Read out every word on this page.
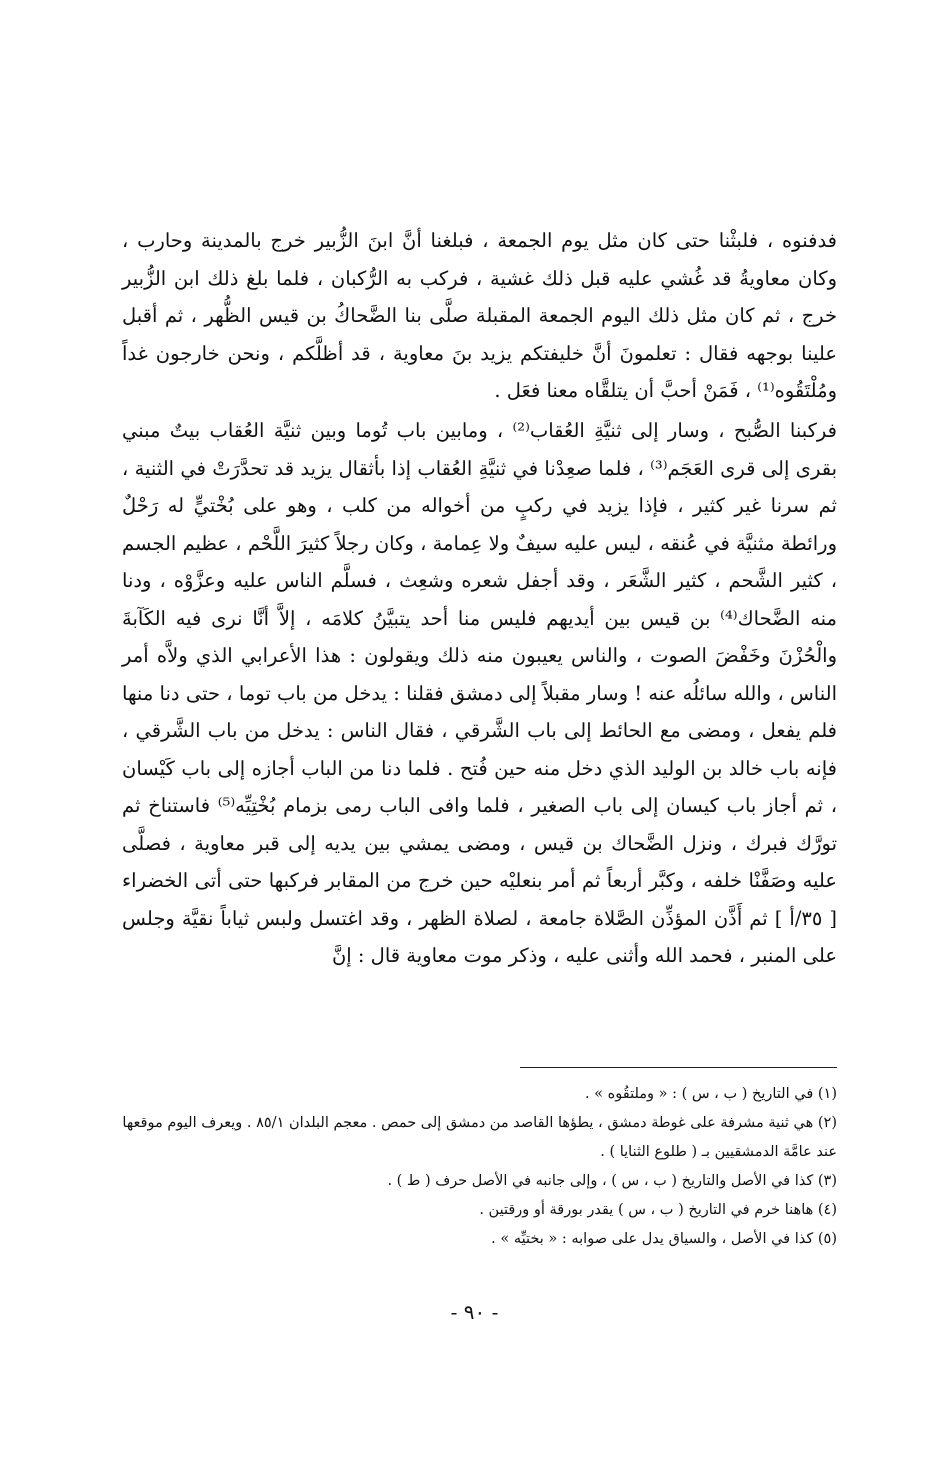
فدفنوه ، فلبثْنا حتى كان مثل يوم الجمعة ، فبلغنا أنَّ ابنَ الزُّبير خرج بالمدينة وحارب ، وكان معاويةُ قد غُشي عليه قبل ذلك غشية ، فركب به الرُّكبان ، فلما بلغ ذلك ابن الزُّبير خرج ، ثم كان مثل ذلك اليوم الجمعة المقبلة صلَّى بنا الضَّحاكُ بن قيس الظُّهر ، ثم أقبل علينا بوجهه فقال : تعلمونَ أنَّ خليفتكم يزيد بنَ معاوية ، قد أظلَّكم ، ونحن خارجون غداً ومُلْتَقُوه⁽¹⁾ ، فَمَنْ أحبَّ أن يتلقَّاه معنا فعَل .

فركبنا الصُّبح ، وسار إلى ثنيَّةِ العُقاب⁽²⁾ ، ومابين باب تُوما وبين ثنيَّة العُقاب بيتٌ مبني بقرى إلى قرى العَجَم⁽³⁾ ، فلما صعِدْنا في ثنيَّةِ العُقاب إذا بأثقال يزيد قد تحدَّرَتْ في الثنية ، ثم سرنا غير كثير ، فإذا يزيد في ركبٍ من أخواله من كلب ، وهو على بُخْتيٍّ له رَحْلٌ ورائطة مثنيَّة في عُنقه ، ليس عليه سيفٌ ولا عِمامة ، وكان رجلاً كثيرَ اللَّحْم ، عظيم الجسم ، كثير الشَّحم ، كثير الشَّعَر ، وقد أجفل شعره وشعِث ، فسلَّم الناس عليه وعزَّوْه ، ودنا منه الضَّحاك⁽⁴⁾ بن قيس بين أيديهم فليس منا أحد يتبيَّنُ كلامَه ، إلاَّ أنَّا نرى فيه الكَآبةَ والْحُزْنَ وخَفْضَ الصوت ، والناس يعيبون منه ذلك ويقولون : هذا الأعرابي الذي ولاَّه أمر الناس ، والله سائلُه عنه ! وسار مقبلاً إلى دمشق فقلنا : يدخل من باب توما ، حتى دنا منها فلم يفعل ، ومضى مع الحائط إلى باب الشَّرقي ، فقال الناس : يدخل من باب الشَّرقي ، فإنه باب خالد بن الوليد الذي دخل منه حين فُتح . فلما دنا من الباب أجازه إلى باب كَيْسان ، ثم أجاز باب كيسان إلى باب الصغير ، فلما وافى الباب رمى بزمام بُخْتِيِّه⁽⁵⁾ فاستناخ ثم تورَّك فبرك ، ونزل الضَّحاك بن قيس ، ومضى يمشي بين يديه إلى قبر معاوية ، فصلَّى عليه وصَفَّنْا خلفه ، وكبَّر أربعاً ثم أمر بنعليْه حين خرج من المقابر فركبها حتى أتى الخضراء [ ٣٥/أ ] ثم أَذَّن المؤذِّن الصَّلاة جامعة ، لصلاة الظهر ، وقد اغتسل ولبس ثياباً نقيَّة وجلس على المنبر ، فحمد الله وأثنى عليه ، وذكر موت معاوية قال : إنَّ

(١) في التاريخ ( ب ، س ) : « وملتقُوه » .

(٢) هي ثنية مشرفة على غوطة دمشق ، يطؤها القاصد من دمشق إلى حمص . معجم البلدان ٨٥/١ . ويعرف اليوم موقعها عند عامَّة الدمشقيين بـ ( طلوع الثنايا ) .

(٣) كذا في الأصل والتاريخ ( ب ، س ) ، وإلى جانبه في الأصل حرف ( ط ) .

(٤) هاهنا خرم في التاريخ ( ب ، س ) يقدر بورقة أو ورقتين .

(٥) كذا في الأصل ، والسياق يدل على صوابه : « بختيِّه » .

- ٩٠ -
